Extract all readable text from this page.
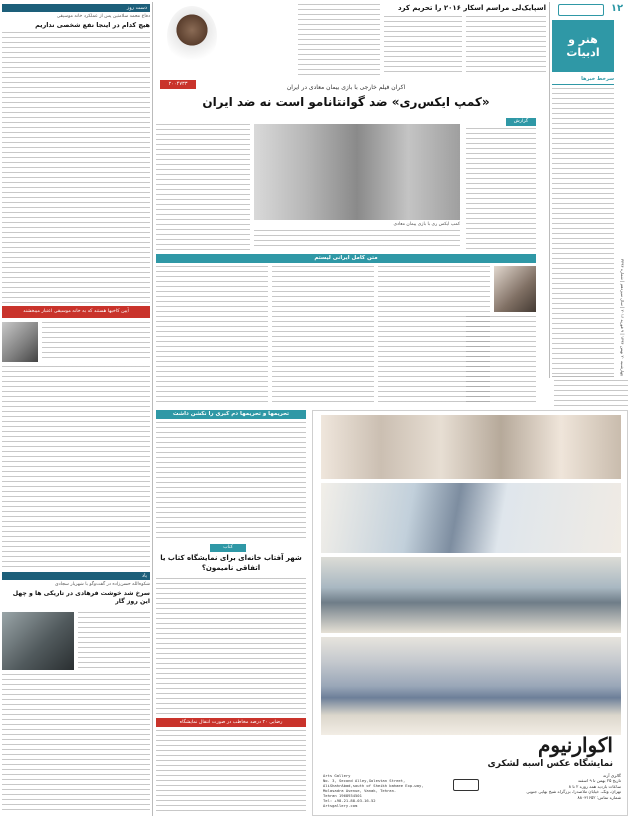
۱۲
چهارشنبه ۲۰ بهمن ۱۳۹۴ | ۹ فوریه ۲۰۱۶ | سال سیزدهم | شماره ۳۳۹۴
هنر و ادبیات
سرخط خبرها
اسپایک‌لی مراسم اسکار ۲۰۱۶ را تحریم کرد
۲۰۰۴۷۳۳
دست روز
دفاع محمد سلامتین پس از عملکرد خانه موسیقی
هیچ کدام در اینجا نفع شخصی نداریم
آیین کاخیها هستند که به خانه موسیقی اعتبار میبخشند
یاد
شکوه‌الله حسن‌زاده در گفت‌وگو با شهریار سجادی
سرخ شد خوشت فرهادی در تاریکی ها و چهل این روز گار
اکران فیلم خارجی با بازی بیمان معادی در ایران
«کمپ ایکس‌ری» ضد گوانتانامو است نه ضد ایران
گزارش
کمپ ایکس ری با بازی پیمان معادی
متن کامل ایرانی لیستم
تحریمها و تحریمها دم کبری را نکشن داشت
کتاب
شهر آفتاب خانه‌ای برای نمایشگاه کتاب یا اتفاقی نامیمون؟
رضایی ۲۰ درصد مخاطب در صورت انتقال نمایشگاه
اکوارنیوم
نمایشگاه عکس اسبه لشکری
Arts Gallery
No. 3, Second Alley,Golestan Street,
AliShahrAbad,south of Sheikh bahaee Exp-way, Molasadra Avenue, Vanak, Tehran.
Tehran 1968934501
Tel: +98-21-88-03-16-52
Artsgallery.com
گالری آرته
تاریخ ۲۵ بهمن تا ۹ اسفند
ساعات بازدید همه روزه ۲ تا ۸
تهران، ونک، خیابان ملاصدرا، بزرگراه شیخ بهایی جنوبی
شماره تماس: ۸۸۰۳۱۶۵۲
